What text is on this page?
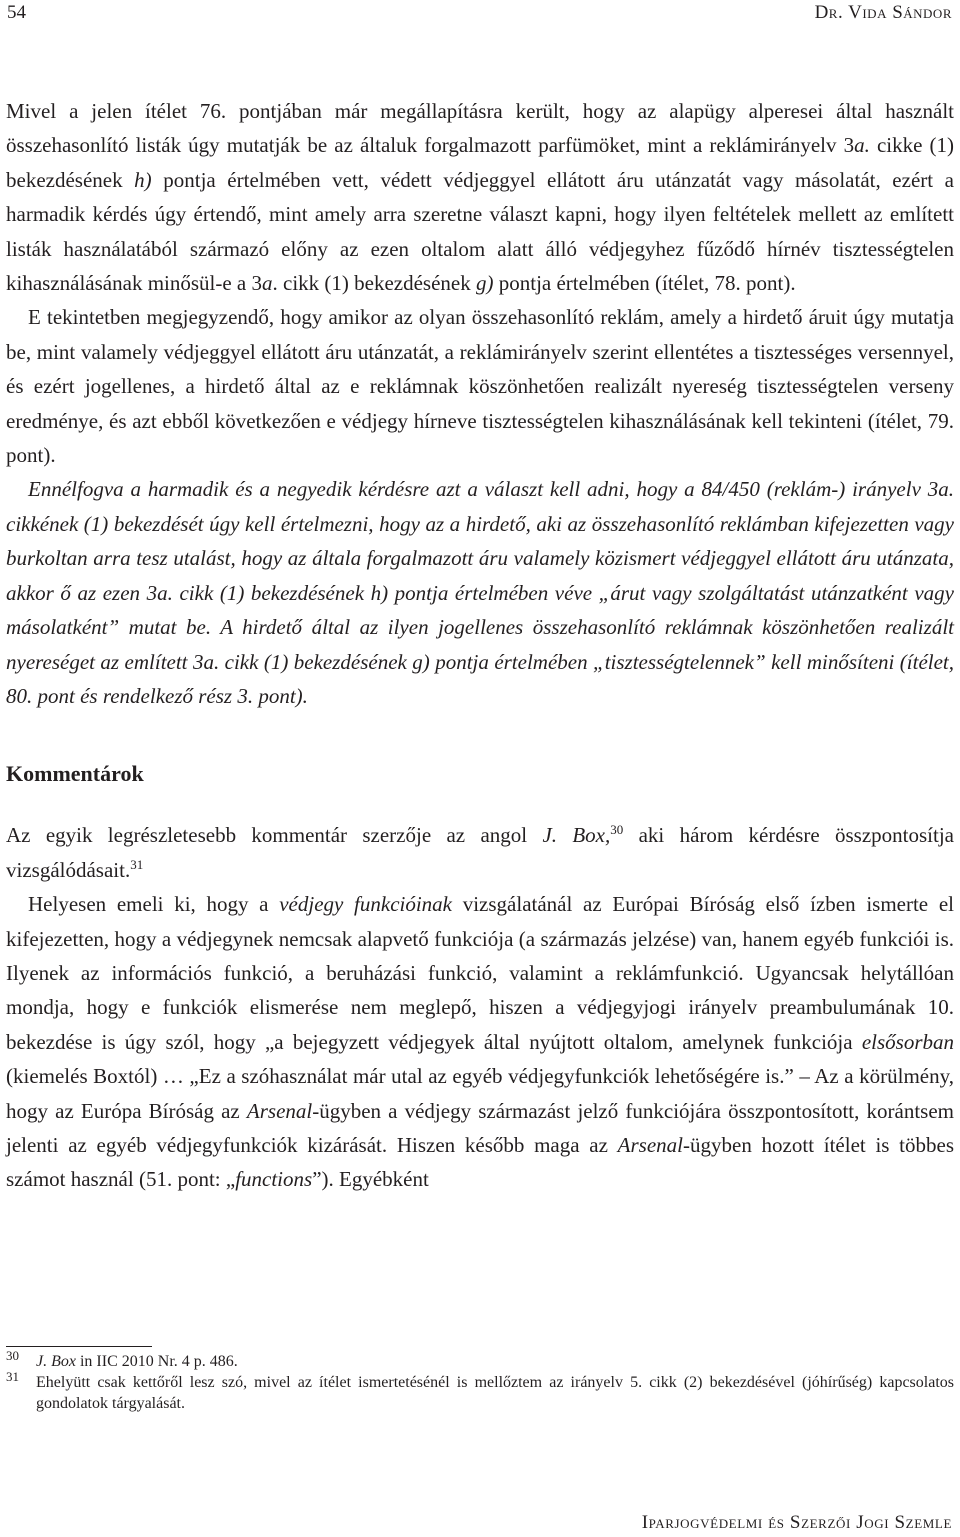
54	Dr. Vida Sándor

Mivel a jelen ítélet 76. pontjában már megállapításra került, hogy az alapügy alperesei által használt összehasonlító listák úgy mutatják be az általuk forgalmazott parfümöket, mint a reklámirányelv 3a. cikke (1) bekezdésének h) pontja értelmében vett, védett védjeggyel ellátott áru utánzatát vagy másolatát, ezért a harmadik kérdés úgy értendő, mint amely arra szeretne választ kapni, hogy ilyen feltételek mellett az említett listák használatából származó előny az ezen oltalom alatt álló védjegyhez fűződő hírnév tisztességtelen kihasználásának minősül-e a 3a. cikk (1) bekezdésének g) pontja értelmében (ítélet, 78. pont).

E tekintetben megjegyzendő, hogy amikor az olyan összehasonlító reklám, amely a hirdető áruit úgy mutatja be, mint valamely védjeggyel ellátott áru utánzatát, a reklámirányelv szerint ellentétes a tisztességes versennyel, és ezért jogellenes, a hirdető által az e reklámnak köszönhetően realizált nyereség tisztességtelen verseny eredménye, és azt ebből következően e védjegy hírneve tisztességtelen kihasználásának kell tekinteni (ítélet, 79. pont).

Ennélfogva a harmadik és a negyedik kérdésre azt a választ kell adni, hogy a 84/450 (reklám-) irányelv 3a. cikkének (1) bekezdését úgy kell értelmezni, hogy az a hirdető, aki az összehasonlító reklámban kifejezetten vagy burkoltan arra tesz utalást, hogy az általa forgalmazott áru valamely közismert védjeggyel ellátott áru utánzata, akkor ő az ezen 3a. cikk (1) bekezdésének h) pontja értelmében véve „árut vagy szolgáltatást utánzatként vagy másolatként” mutat be. A hirdető által az ilyen jogellenes összehasonlító reklámnak köszönhetően realizált nyereséget az említett 3a. cikk (1) bekezdésének g) pontja értelmében „tisztességtelennek” kell minősíteni (ítélet, 80. pont és rendelkező rész 3. pont).

Kommentárok

Az egyik legrészletesebb kommentár szerzője az angol J. Box,$^{30}$ aki három kérdésre összpontosítja vizsgálódásait.$^{31}$

Helyesen emeli ki, hogy a védjegy funkcióinak vizsgálatánál az Európai Bíróság első ízben ismerte el kifejezetten, hogy a védjegynek nemcsak alapvető funkciója (a származás jelzése) van, hanem egyéb funkciói is. Ilyenek az információs funkció, a beruházási funkció, valamint a reklámfunkció. Ugyancsak helytállóan mondja, hogy e funkciók elismerése nem meglepő, hiszen a védjegyjogi irányelv preambulumának 10. bekezdése is úgy szól, hogy „a bejegyzett védjegyek által nyújtott oltalom, amelynek funkciója elsősorban (kiemelés Boxtól) … „Ez a szóhasználat már utal az egyéb védjegyfunkciók lehetőségére is.” – Az a körülmény, hogy az Európa Bíróság az Arsenal-ügyben a védjegy származást jelző funkciójára összpontosított, korántsem jelenti az egyéb védjegyfunkciók kizárását. Hiszen később maga az Arsenal-ügyben hozott ítélet is többes számot használ (51. pont: „functions”). Egyébként

30 J. Box in IIC 2010 Nr. 4 p. 486.
31 Ehelyütt csak kettőről lesz szó, mivel az ítélet ismertetésénél is mellőztem az irányelv 5. cikk (2) bekezdésével (jóhírűség) kapcsolatos gondolatok tárgyalását.
Iparjogvédelmi és Szerzői Jogi Szemle
